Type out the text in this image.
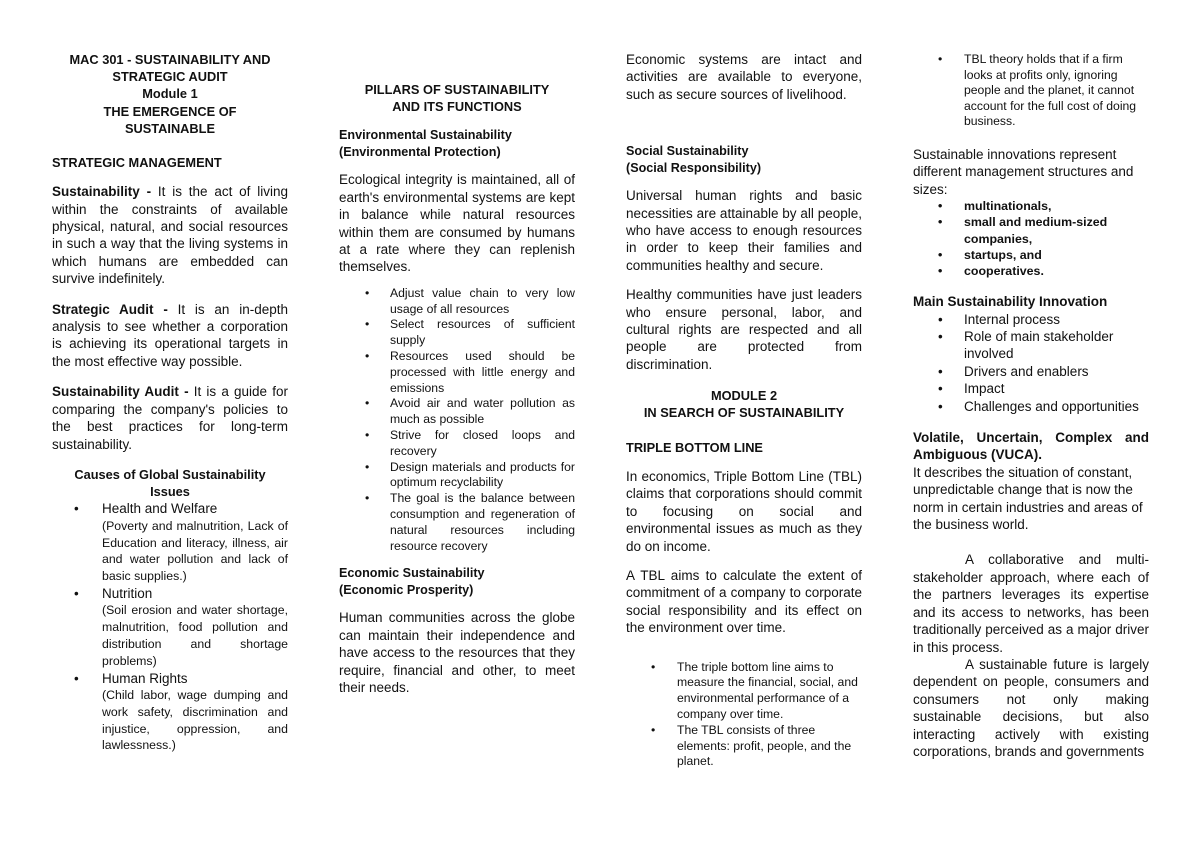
MAC 301 - SUSTAINABILITY AND
STRATEGIC AUDIT
Module 1
THE EMERGENCE OF
SUSTAINABLE

STRATEGIC MANAGEMENT

Sustainability - It is the act of living within the constraints of available physical, natural, and social resources in such a way that the living systems in which humans are embedded can survive indefinitely.

Strategic Audit - It is an in-depth analysis to see whether a corporation is achieving its operational targets in the most effective way possible.

Sustainability Audit - It is a guide for comparing the company's policies to the best practices for long-term sustainability.

Causes of Global Sustainability Issues

• Health and Welfare
(Poverty and malnutrition, Lack of Education and literacy, illness, air and water pollution and lack of basic supplies.)
• Nutrition
(Soil erosion and water shortage, malnutrition, food pollution and distribution and shortage problems)
• Human Rights
(Child labor, wage dumping and work safety, discrimination and injustice, oppression, and lawlessness.)
PILLARS OF SUSTAINABILITY
AND ITS FUNCTIONS
Environmental Sustainability
(Environmental Protection)

Ecological integrity is maintained, all of earth's environmental systems are kept in balance while natural resources within them are consumed by humans at a rate where they can replenish themselves.

• Adjust value chain to very low usage of all resources
• Select resources of sufficient supply
• Resources used should be processed with little energy and emissions
• Avoid air and water pollution as much as possible
• Strive for closed loops and recovery
• Design materials and products for optimum recyclability
• The goal is the balance between consumption and regeneration of natural resources including resource recovery
Economic Sustainability
(Economic Prosperity)

Human communities across the globe can maintain their independence and have access to the resources that they require, financial and other, to meet their needs.

Economic systems are intact and activities are available to everyone, such as secure sources of livelihood.

Social Sustainability
(Social Responsibility)

Universal human rights and basic necessities are attainable by all people, who have access to enough resources in order to keep their families and communities healthy and secure.

Healthy communities have just leaders who ensure personal, labor, and cultural rights are respected and all people are protected from discrimination.

MODULE 2
IN SEARCH OF SUSTAINABILITY

TRIPLE BOTTOM LINE

In economics, Triple Bottom Line (TBL) claims that corporations should commit to focusing on social and environmental issues as much as they do on income.

A TBL aims to calculate the extent of commitment of a company to corporate social responsibility and its effect on the environment over time.

• The triple bottom line aims to measure the financial, social, and environmental performance of a company over time.
• The TBL consists of three elements: profit, people, and the planet.
• TBL theory holds that if a firm looks at profits only, ignoring people and the planet, it cannot account for the full cost of doing business.

Sustainable innovations represent different management structures and sizes:

• multinationals,
• small and medium-sized companies,
• startups, and
• cooperatives.

Main Sustainability Innovation

• Internal process
• Role of main stakeholder involved
• Drivers and enablers
• Impact
• Challenges and opportunities

Volatile, Uncertain, Complex and Ambiguous (VUCA).

It describes the situation of constant, unpredictable change that is now the norm in certain industries and areas of the business world.

A collaborative and multi-stakeholder approach, where each of the partners leverages its expertise and its access to networks, has been traditionally perceived as a major driver in this process.

A sustainable future is largely dependent on people, consumers and consumers not only making sustainable decisions, but also interacting actively with existing corporations, brands and governments
